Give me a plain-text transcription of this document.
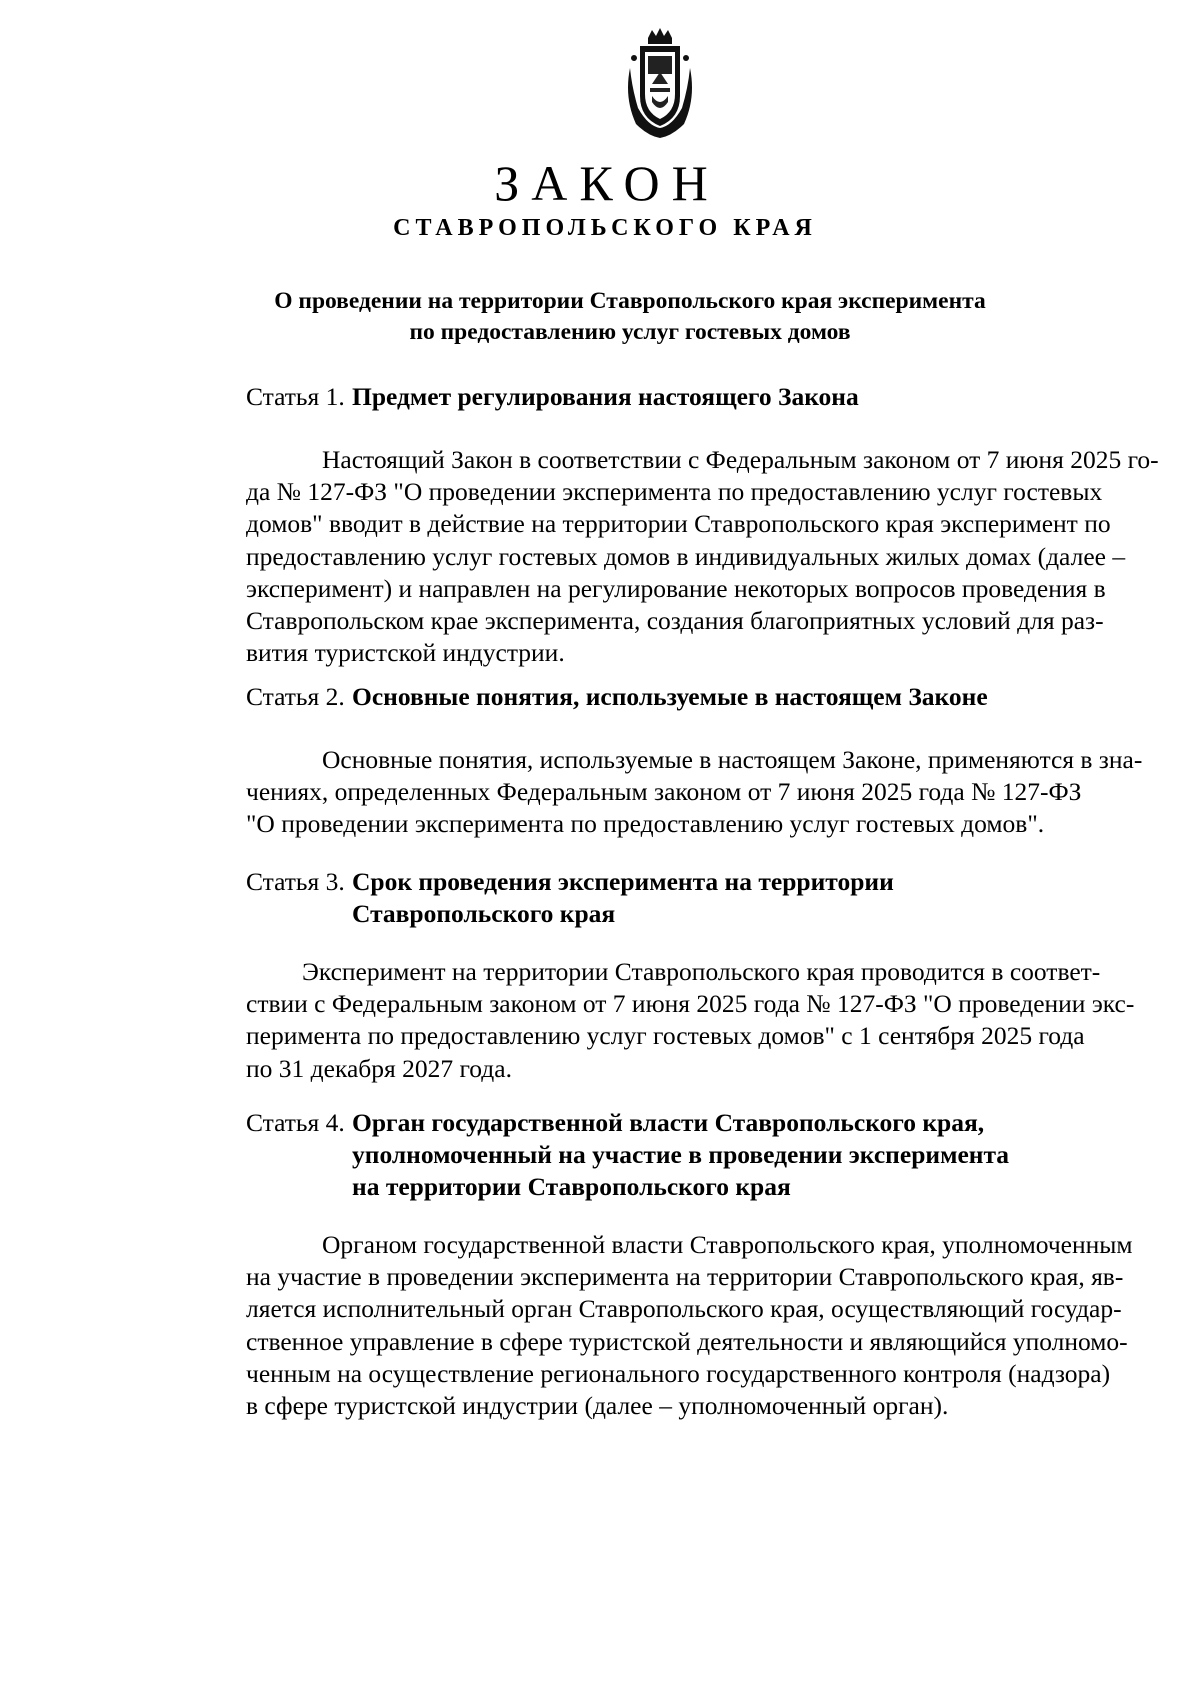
ЗАКОН
СТАВРОПОЛЬСКОГО КРАЯ
О проведении на территории Ставропольского края эксперимента
по предоставлению услуг гостевых домов
Статья 1. Предмет регулирования настоящего Закона
Настоящий Закон в соответствии с Федеральным законом от 7 июня 2025 го-
да № 127-ФЗ "О проведении эксперимента по предоставлению услуг гостевых
домов" вводит в действие на территории Ставропольского края эксперимент по
предоставлению услуг гостевых домов в индивидуальных жилых домах (далее –
эксперимент) и направлен на регулирование некоторых вопросов проведения в
Ставропольском крае эксперимента, создания благоприятных условий для раз-
вития туристской индустрии.
Статья 2. Основные понятия, используемые в настоящем Законе
Основные понятия, используемые в настоящем Законе, применяются в зна-
чениях, определенных Федеральным законом от 7 июня 2025 года № 127-ФЗ
"О проведении эксперимента по предоставлению услуг гостевых домов".
Статья 3. Срок проведения эксперимента на территории
Ставропольского края
Эксперимент на территории Ставропольского края проводится в соответ-
ствии с Федеральным законом от 7 июня 2025 года № 127-ФЗ "О проведении экс-
перимента по предоставлению услуг гостевых домов" с 1 сентября 2025 года
по 31 декабря 2027 года.
Статья 4. Орган государственной власти Ставропольского края,
уполномоченный на участие в проведении эксперимента
на территории Ставропольского края
Органом государственной власти Ставропольского края, уполномоченным
на участие в проведении эксперимента на территории Ставропольского края, яв-
ляется исполнительный орган Ставропольского края, осуществляющий государ-
ственное управление в сфере туристской деятельности и являющийся уполномо-
ченным на осуществление регионального государственного контроля (надзора)
в сфере туристской индустрии (далее – уполномоченный орган).
